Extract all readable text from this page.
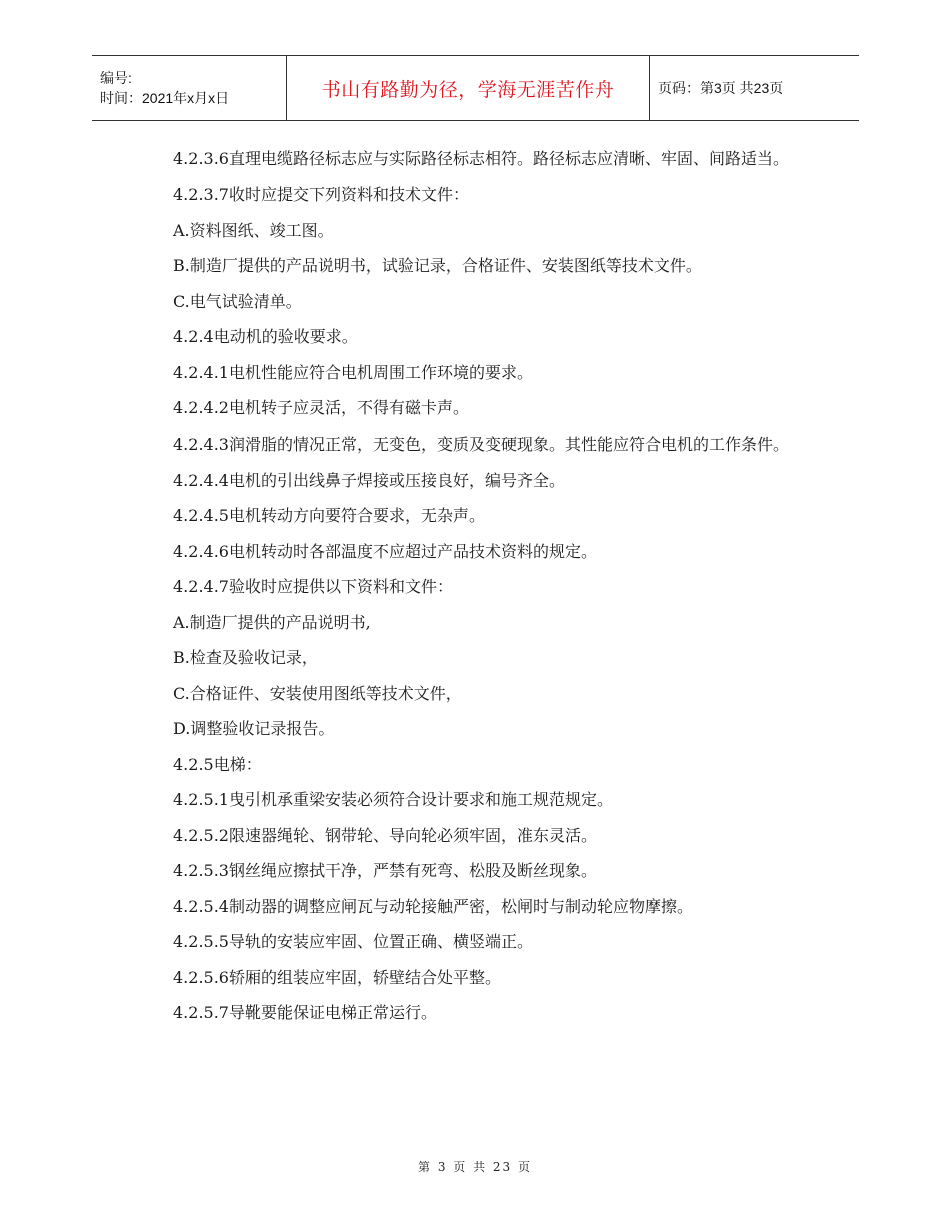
编号:
时间：2021年x月x日	书山有路勤为径，学海无涯苦作舟	页码：第3页 共23页

4.2.3.6直理电缆路径标志应与实际路径标志相符。路径标志应清晰、牢固、间路适当。

4.2.3.7收时应提交下列资料和技术文件：

A.资料图纸、竣工图。

B.制造厂提供的产品说明书，试验记录，合格证件、安装图纸等技术文件。

C.电气试验清单。

4.2.4电动机的验收要求。

4.2.4.1电机性能应符合电机周围工作环境的要求。

4.2.4.2电机转子应灵活，不得有磁卡声。

4.2.4.3润滑脂的情况正常，无变色，变质及变硬现象。其性能应符合电机的工作条件。

4.2.4.4电机的引出线鼻子焊接或压接良好，编号齐全。

4.2.4.5电机转动方向要符合要求，无杂声。

4.2.4.6电机转动时各部温度不应超过产品技术资料的规定。

4.2.4.7验收时应提供以下资料和文件：

A.制造厂提供的产品说明书,

B.检查及验收记录，

C.合格证件、安装使用图纸等技术文件，

D.调整验收记录报告。

4.2.5电梯：

4.2.5.1曳引机承重梁安装必须符合设计要求和施工规范规定。

4.2.5.2限速器绳轮、钢带轮、导向轮必须牢固，准东灵活。

4.2.5.3钢丝绳应擦拭干净，严禁有死弯、松股及断丝现象。

4.2.5.4制动器的调整应闸瓦与动轮接触严密，松闸时与制动轮应物摩擦。

4.2.5.5导轨的安装应牢固、位置正确、横竖端正。

4.2.5.6轿厢的组装应牢固，轿壁结合处平整。

4.2.5.7导靴要能保证电梯正常运行。

第 3 页 共 23 页
